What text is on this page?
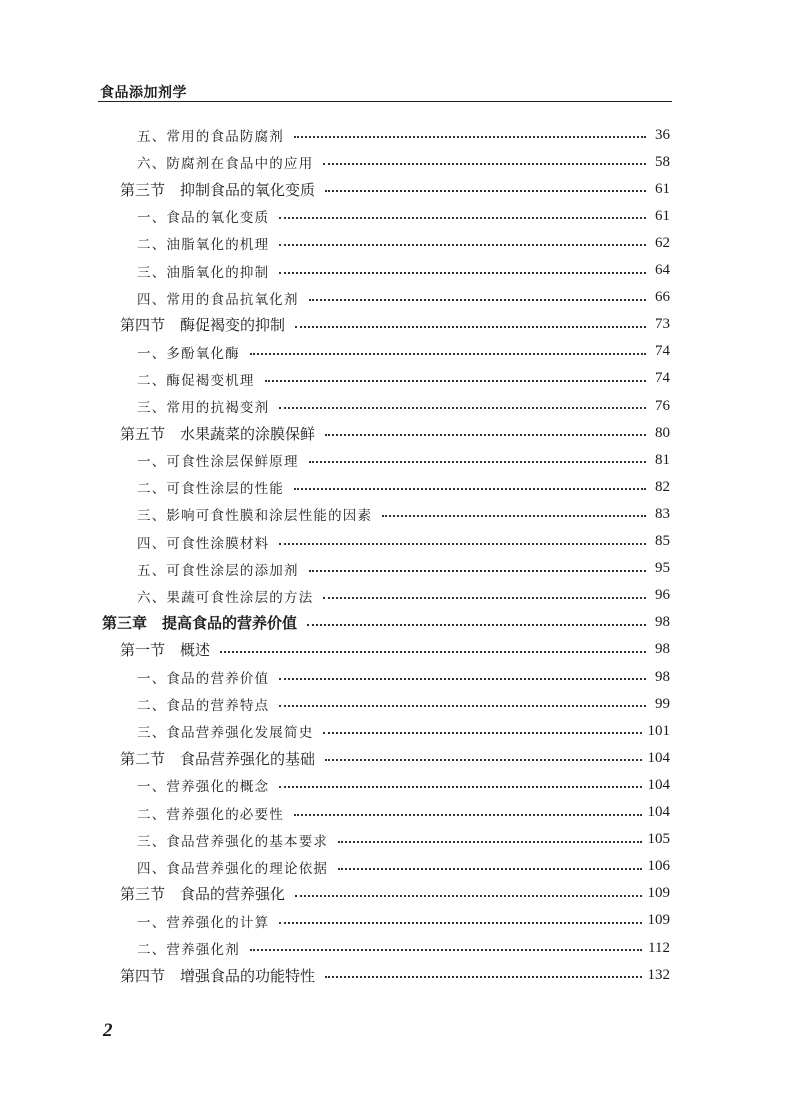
食品添加剂学
五、常用的食品防腐剂	36
六、防腐剂在食品中的应用	58
第三节　抑制食品的氧化变质	61
一、食品的氧化变质	61
二、油脂氧化的机理	62
三、油脂氧化的抑制	64
四、常用的食品抗氧化剂	66
第四节　酶促褐变的抑制	73
一、多酚氧化酶	74
二、酶促褐变机理	74
三、常用的抗褐变剂	76
第五节　水果蔬菜的涂膜保鲜	80
一、可食性涂层保鲜原理	81
二、可食性涂层的性能	82
三、影响可食性膜和涂层性能的因素	83
四、可食性涂膜材料	85
五、可食性涂层的添加剂	95
六、果蔬可食性涂层的方法	96
第三章　提高食品的营养价值	98
第一节　概述	98
一、食品的营养价值	98
二、食品的营养特点	99
三、食品营养强化发展简史	101
第二节　食品营养强化的基础	104
一、营养强化的概念	104
二、营养强化的必要性	104
三、食品营养强化的基本要求	105
四、食品营养强化的理论依据	106
第三节　食品的营养强化	109
一、营养强化的计算	109
二、营养强化剂	112
第四节　增强食品的功能特性	132
2
